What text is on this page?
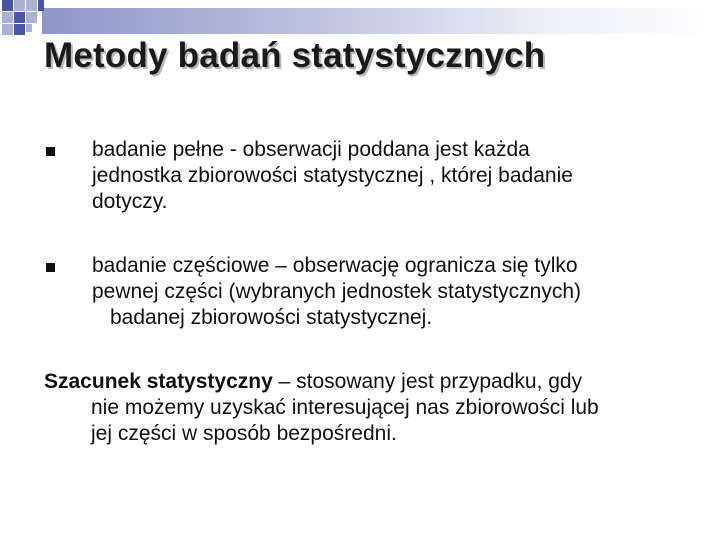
Metody badań statystycznych
badanie pełne - obserwacji poddana jest każda
jednostka zbiorowości statystycznej , której badanie
dotyczy.
badanie częściowe – obserwację ogranicza się tylko
pewnej części (wybranych jednostek statystycznych)
badanej zbiorowości statystycznej.
Szacunek statystyczny – stosowany jest przypadku, gdy
nie możemy uzyskać interesującej nas zbiorowości lub
jej części w sposób bezpośredni.
